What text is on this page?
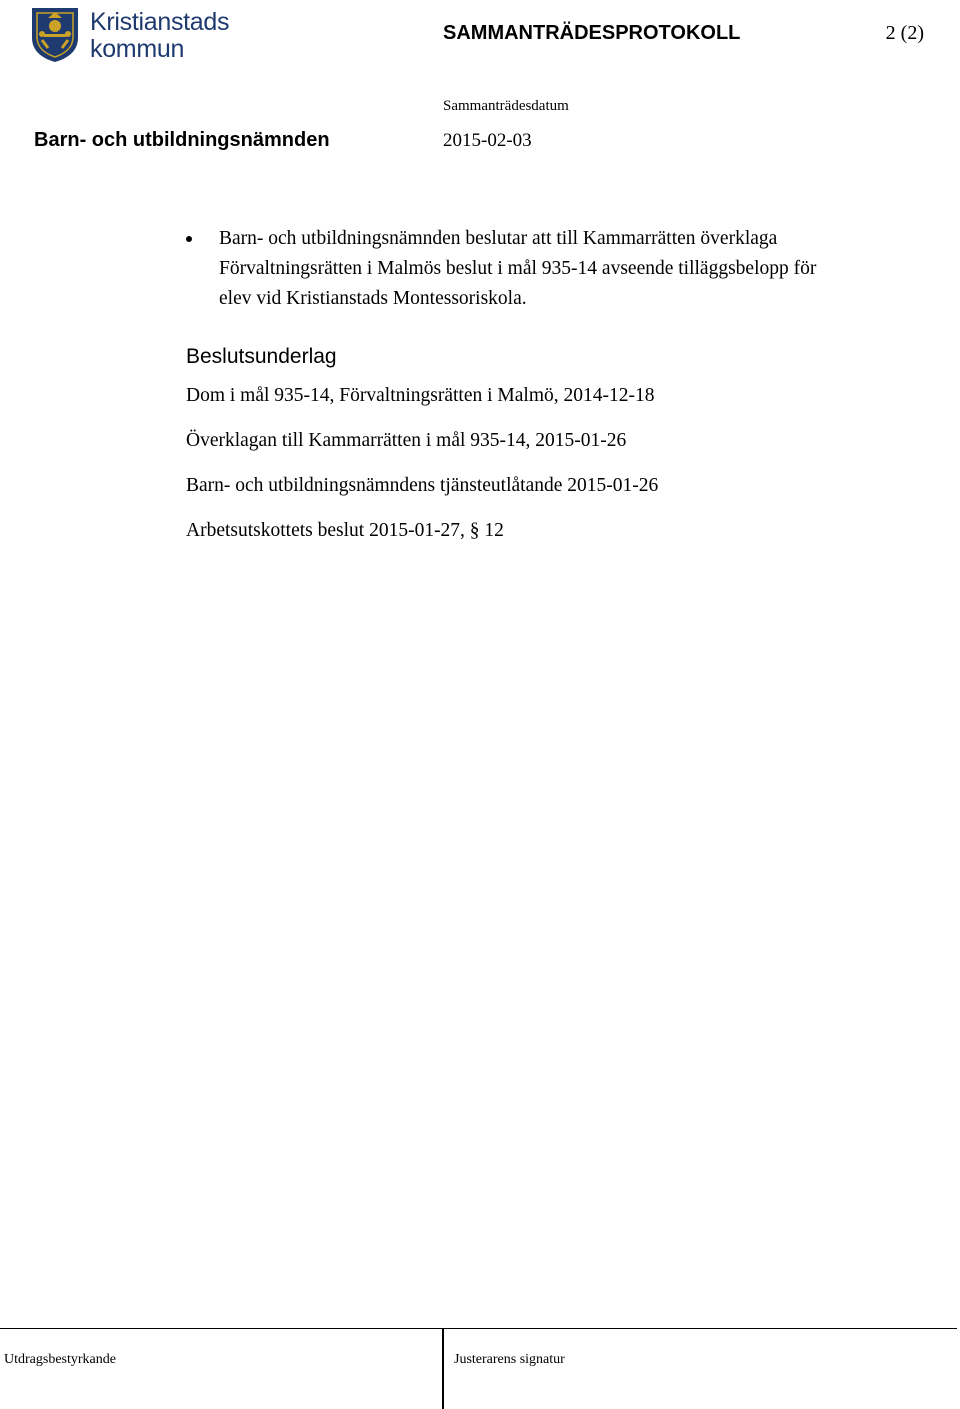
Kristianstads
kommun
SAMMANTRÄDESPROTOKOLL	2 (2)
Barn- och utbildningsnämnden
Sammanträdesdatum
2015-02-03
Barn- och utbildningsnämnden beslutar att till Kammarrätten överklaga Förvaltningsrätten i Malmös beslut i mål 935-14 avseende tilläggsbelopp för elev vid Kristianstads Montessoriskola.
Beslutsunderlag
Dom i mål 935-14, Förvaltningsrätten i Malmö, 2014-12-18
Överklagan till Kammarrätten i mål 935-14, 2015-01-26
Barn- och utbildningsnämndens tjänsteutlåtande 2015-01-26
Arbetsutskottets beslut 2015-01-27, § 12
Utdragsbestyrkande	Justerarens signatur
